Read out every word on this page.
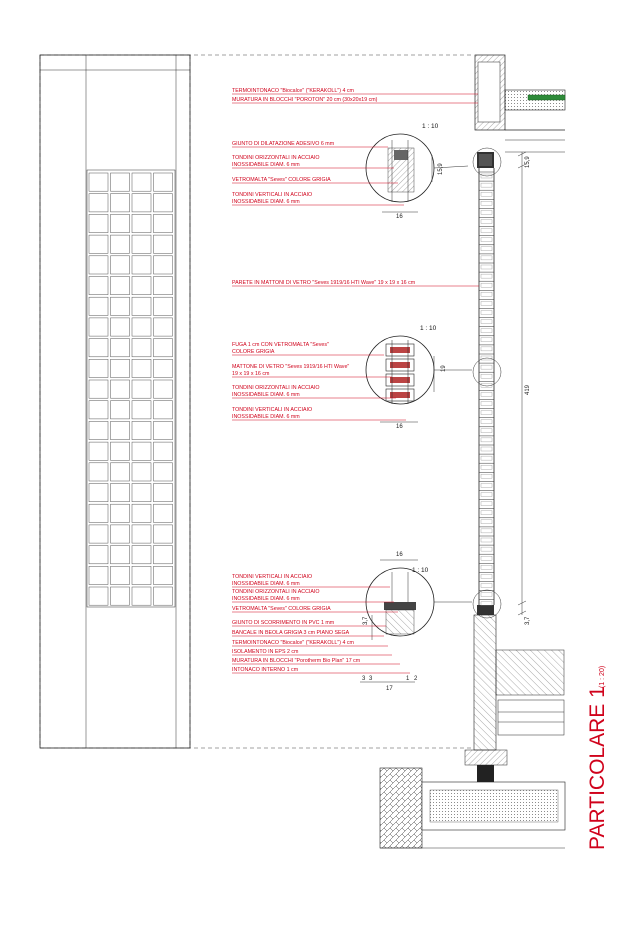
15,9
419
3,7
TERMOINTONACO "Biocalce" ("KERAKOLL") 4 cm
MURATURA IN BLOCCHI "POROTON" 20 cm (30x20x19 cm)
1 : 10
16
15,9
GIUNTO DI DILATAZIONE ADESIVO 6 mm
TONDINI ORIZZONTALI IN ACCIAIO
INOSSIDABILE DIAM. 6 mm
VETROMALTA "Seves" COLORE GRIGIA
TONDINI VERTICALI IN ACCIAIO
INOSSIDABILE DIAM. 6 mm
PARETE IN MATTONI DI VETRO "Seves 1919/16 HTI Wave" 19 x 19 x 16 cm
1 : 10
16
19
FUGA 1 cm CON VETROMALTA "Seves"
COLORE GRIGIA
MATTONE DI VETRO "Seves 1919/16 HTI Wave"
19 x 19 x 16 cm
TONDINI ORIZZONTALI IN ACCIAIO
INOSSIDABILE DIAM. 6 mm
TONDINI VERTICALI IN ACCIAIO
INOSSIDABILE DIAM. 6 mm
16
1 : 10
3,7
3 3
17
1 2
TONDINI VERTICALI IN ACCIAIO
INOSSIDABILE DIAM. 6 mm
TONDINI ORIZZONTALI IN ACCIAIO
INOSSIDABILE DIAM. 6 mm
VETROMALTA "Seves" COLORE GRIGIA
GIUNTO DI SCORRIMENTO IN PVC 1 mm
BANCALE IN BEOLA GRIGIA 3 cm PIANO SEGA
TERMOINTONACO "Biocalce" ("KERAKOLL") 4 cm
ISOLAMENTO IN EPS 2 cm
MURATURA IN BLOCCHI "Porotherm Bio Plan" 17 cm
INTONACO INTERNO 1 cm
PARTICOLARE 1
(1 : 20)
